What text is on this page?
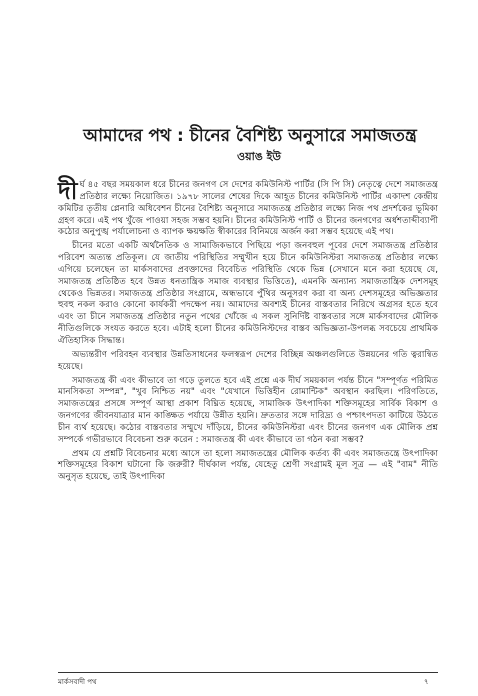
আমাদের পথ : চীনের বৈশিষ্ট্য অনুসারে সমাজতন্ত্র
ওয়াঙ ইউ

দীর্ঘ ৪৫ বছর সময়কাল ধরে চীনের জনগণ সে দেশের কমিউনিস্ট পার্টির (সি পি সি) নেতৃত্বে দেশে সমাজতন্ত্র প্রতিষ্ঠার লক্ষ্যে নিয়োজিত। ১৯৭৮ সালের শেষের দিকে আহূত চীনের কমিউনিস্ট পার্টির একাদশ কেন্দ্রীয় কমিটির তৃতীয় প্লেনারি অধিবেশন চীনের বৈশিষ্ট্য অনুসারে সমাজতন্ত্র প্রতিষ্ঠার লক্ষ্যে নিজ পথ প্রদর্শকের ভূমিকা গ্রহণ করে। এই পথ খুঁজে পাওয়া সহজ সম্ভব হয়নি। চীনের কমিউনিস্ট পার্টি ও চীনের জনগণের অর্ধশতাব্দীব্যাপী কঠোর অনুপুঙ্খ পর্যালোচনা ও ব্যাপক ক্ষয়ক্ষতি স্বীকারের বিনিময়ে অর্জন করা সম্ভব হয়েছে এই পথ।

চীনের মতো একটি অর্থনৈতিক ও সামাজিকভাবে পিছিয়ে পড়া জনবহুল পূবের দেশে সমাজতন্ত্র প্রতিষ্ঠার পরিবেশ অত্যন্ত প্রতিকূল। যে জাতীয় পরিস্থিতির সম্মুখীন হয়ে চীনে কমিউনিস্টরা সমাজতন্ত্র প্রতিষ্ঠার লক্ষ্যে এগিয়ে চলেছেন তা মার্কসবাদের প্রবক্তাদের বিবেচিত পরিস্থিতি থেকে ভিন্ন (সেখানে মনে করা হয়েছে যে, সমাজতন্ত্র প্রতিষ্ঠিত হবে উন্নত ধনতান্ত্রিক সমাজ ব্যবস্থার ভিত্তিতে), এমনকি অন্যান্য সমাজতান্ত্রিক দেশসমূহ থেকেও ভিন্নতর। সমাজতন্ত্র প্রতিষ্ঠার সংগ্রামে, অন্ধভাবে পুঁথির অনুসরণ করা বা অন্য দেশসমূহের অভিজ্ঞতার হুবহু নকল করাও কোনো কার্যকরী পদক্ষেপ নয়। আমাদের অবশ্যই চীনের বাস্তবতার নিরিখে অগ্রসর হতে হবে এবং তা চীনে সমাজতন্ত্র প্রতিষ্ঠার নতুন পথের খোঁজে এ সকল সুনির্দিষ্ট বাস্তবতার সঙ্গে মার্কসবাদের মৌলিক নীতিগুলিকে সংযত করতে হবে। এটাই হলো চীনের কমিউনিস্টদের বাস্তব অভিজ্ঞতা-উপলব্ধ সবচেয়ে প্রাথমিক ঐতিহাসিক সিদ্ধান্ত।

অভ্যন্তরীণ পরিবহন ব্যবস্থার উন্নতিসাধনের ফলস্বরূপ দেশের বিচ্ছিন্ন অঞ্চলগুলিতে উন্নয়নের গতি ত্বরান্বিত হয়েছে।

সমাজতন্ত্র কী এবং কীভাবে তা গড়ে তুলতে হবে এই প্রশ্নে এক দীর্ঘ সময়কাল পর্যন্ত চীনে "সম্পূর্ণত পরিমিত মানসিকতা সম্পন্ন", "খুব নিশ্চিত নয়" এবং "যেখানে ভিত্তিহীন রোমান্টিক" অবস্থান করছিল। পরিণতিতে, সমাজতন্ত্রের প্রসঙ্গে সম্পূর্ণ আস্থা প্রকাশ বিঘ্নিত হয়েছে, সামাজিক উৎপাদিকা শক্তিসমূহের সার্বিক বিকাশ ও জনগণের জীবনযাত্রার মান কাঙ্ক্ষিত পর্যায়ে উন্নীত হয়নি। দ্রুততার সঙ্গে দারিদ্র্য ও পশ্চাৎপদতা কাটিয়ে উঠতে চীন ব্যর্থ হয়েছে। কঠোর বাস্তবতার সম্মুখে দাঁড়িয়ে, চীনের কমিউনিস্টরা এবং চীনের জনগণ এক মৌলিক প্রশ্ন সম্পর্কে গভীরভাবে বিবেচনা শুরু করেন : সমাজতন্ত্র কী এবং কীভাবে তা গঠন করা সম্ভব?

প্রথম যে প্রশ্নটি বিবেচনার মধ্যে আসে তা হলো সমাজতন্ত্রের মৌলিক কর্তব্য কী এবং সমাজতন্ত্রে উৎপাদিকা শক্তিসমূহের বিকাশ ঘটানো কি জরুরী? দীর্ঘকাল পর্যন্ত, যেহেতু শ্রেণী সংগ্রামই মূল সূত্র — এই "বাম" নীতি অনুসৃত হয়েছে, তাই উৎপাদিকা

মার্কসবাদী পথ	৭
